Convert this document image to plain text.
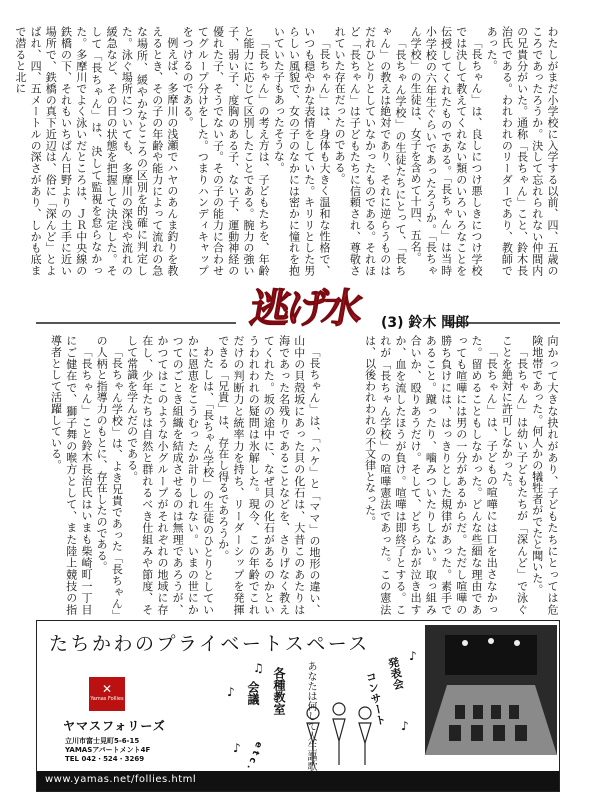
わたしがまだ小学校に入学する以前、四、五歳のころであったろうか。決して忘れられない仲間内の兄貴分がいた。通称「長ちゃん」こと、鈴木長治氏である。われわれのリーダーであり、教師であった。

「長ちゃん」は、良しにつけ悪しきにつけ学校では決して教えてくれない類のいろいろなことを伝授してくれたものである。「長ちゃん」は当時小学校の六年生ぐらいであったろうか。「長ちゃん学校」の生徒は、女子を含めて十四、五名。

「長ちゃん学校」の生徒たちにとって、「長ちゃん」の教えは絶対であり、それに逆らうものはだれひとりとしていなかったものである。それほど「長ちゃん」は子どもたちに信頼され、尊敬されていた存在だったのである。

「長ちゃん」は、身体も大きく温和な性格で、いつも穏やかな表情をしていた。キリリとした男らしい風貌で、女の子のなかには密かに憧れを抱いていた子もあったそうな。

「長ちゃん」の考え方は、子どもたちを、年齢と能力に応じて区別したことである。腕力の強い子、弱い子、度胸のある子、ない子、運動神経の優れた子、そうでない子。その子の能力に合わせてグループ分けをした。つまりハンディキャップをつけるのである。

例えば、多摩川の浅瀬でハヤのあんま釣りを教えるとき、その子の年齢や能力によって流れの急な場所、緩やかなところの区別を的確に判定した。泳ぐ場所についても、多摩川の深浅や流れの緩急など、その日の状態を把握して決定した。そして「長ちゃん」は、決して監視を怠らなかった。多摩川でよく泳いだところは、ＪＲ中央線の鉄橋の下、それもいちばん日野よりの土手に近い場所で、鉄橋の真下近辺は、俗に「深んど」とよばれ、四、五メートルの深さがあり、しかも底まで潜ると北に

逃げ水 (3) 鈴木 聞郎

向かって大きな抉れがあり、子どもたちにとっては危険地帯であった。何人かの犠牲者がでたと聞いた。

「長ちゃん」は幼い子どもたちが「深んど」で泳ぐことを絶対に許可しなかった。

「長ちゃん」は、子どもの喧嘩には口を出さなかった。留めることもしなかった。どんな些細な理由であっても喧嘩には男の一分があるからだ。ただし喧嘩の勝ち負けには、はっきりとした規律があった。素手であること。蹴ったり、噛みついたりしない。取っ組み合いか、殴りあうだけ。そして、どちらかが泣き出すか、血を流したほうが負け。喧嘩は即終了とする。これが「長ちゃん学校」の喧嘩憲法であった。この憲法は、以後われわれの不文律となった。

「長ちゃん」は、「ハケ」と「ママ」の地形の違い、山中の貝殻坂にあった貝の化石は、大昔このあたりは海であった名残りであることなどを、さりげなく教えてくれた。坂の途中に、なぜ貝の化石があるのかというわれわれの疑問は氷解した。現今、この年齢でこれだけの判断力と統率力を持ち、リーダーシップを発揮できる「兄貴」は、存在し得るであろうか。

わたしは、「長ちゃん学校」の生徒のひとりとしていかに恩恵をこうむったか計りしれない。いまの世にかつてのごとき組織を結成させるのは無理であろうが、かつてはこのような小グループがそれぞれの地域に存在し、少年たちは自然と群れるべき仕組みや節度、そして常識を学んだのである。

「長ちゃん学校」は、よき兄貴であった「長ちゃん」の人柄と指導力のもとに、存在したのである。

「長ちゃん」こと鈴木長治氏はいまも柴崎町一丁目にご健在で、獅子舞の喉方として、また陸上競技の指導者として活躍している。

たちかわのプライベートスペース
✕
Yamas Follies
ヤマスフォリーズ
立川市富士見町5-6-15
YAMASアパートメント4F
TEL 042・524・3269
会議 各種教室	コンサート
発表会
e t c .	あなたは何して人生謳歌
♪
♫
♪
♪
♪
www.yamas.net/follies.html
